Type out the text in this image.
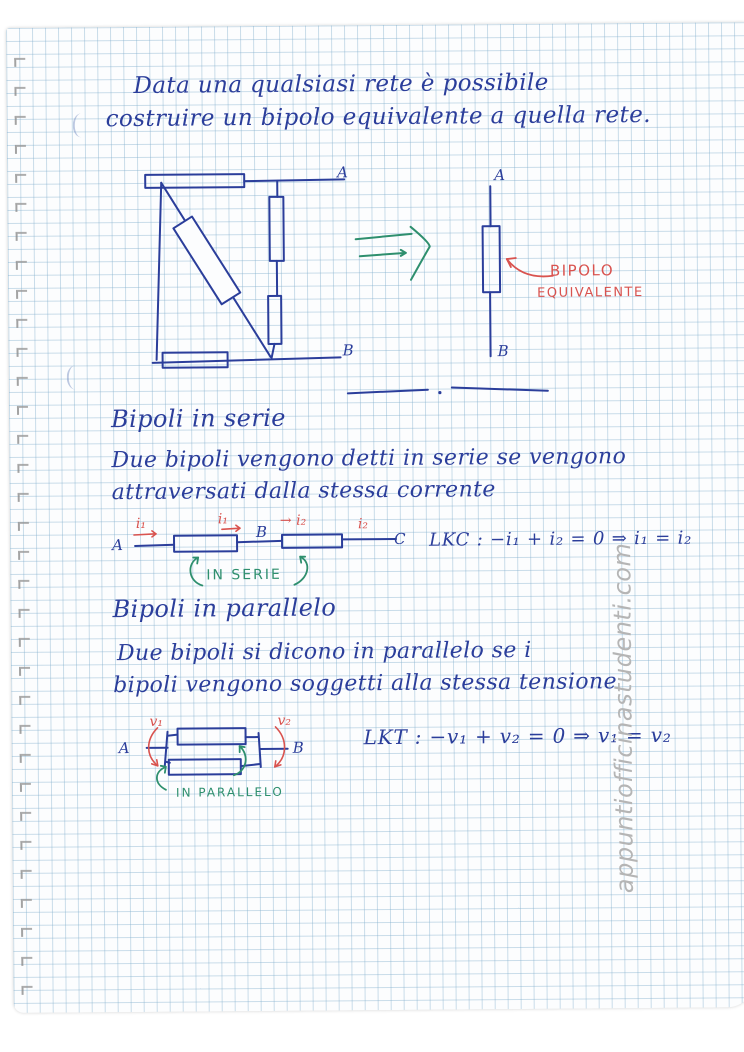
Data una qualsiasi rete è possibile
costruire un bipolo equivalente a quella rete.
A
B
A
B
BIPOLO
EQUIVALENTE
Bipoli in serie
Due bipoli vengono detti in serie se vengono
attraversati dalla stessa corrente
A
B	C
i₁	i₁	→ i₂	i₂
IN SERIE
LKC : −i₁ + i₂ = 0 ⇒ i₁ = i₂
Bipoli in parallelo
Due bipoli si dicono in parallelo se i
bipoli vengono soggetti alla stessa tensione
A	B
v₁	v₂
IN PARALLELO
LKT : −v₁ + v₂ = 0 ⇒ v₁ = v₂
appuntiofficinastudenti.com
